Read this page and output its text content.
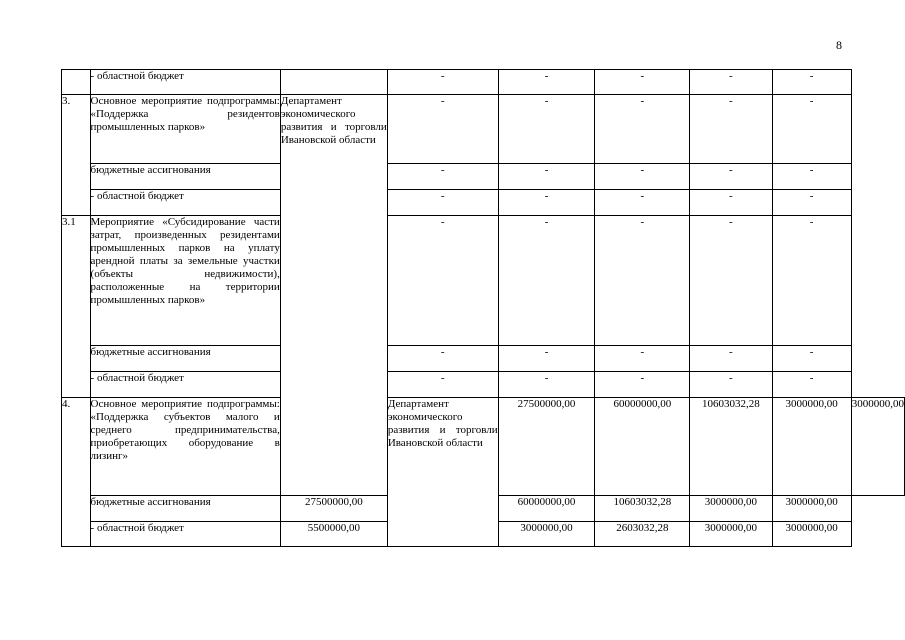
8
	- областной бюджет		-	-	-	-	-	
3.	Основное мероприятие подпрограммы: «Поддержка резидентов промышленных парков»	Департамент экономического развития и торговли Ивановской области	-	-	-	-	-	
	бюджетные ассигнования		-	-	-	-	-	
	- областной бюджет		-	-	-	-	-	
3.1	Мероприятие «Субсидирование части затрат, произведенных резидентами промышленных парков на уплату арендной платы за земельные участки (объекты недвижимости), расположенные на территории промышленных парков»		-	-	-	-	-	
	бюджетные ассигнования		-	-	-	-	-	
	- областной бюджет		-	-	-	-	-	
4.	Основное мероприятие подпрограммы: «Поддержка субъектов малого и среднего предпринимательства, приобретающих оборудование в лизинг»		Департамент экономического развития и торговли Ивановской области	27500000,00	60000000,00	10603032,28	3000000,00	3000000,00
	бюджетные ассигнования	27500000,00		60000000,00	10603032,28	3000000,00	3000000,00	
	- областной бюджет	5500000,00		3000000,00	2603032,28	3000000,00	3000000,00	
